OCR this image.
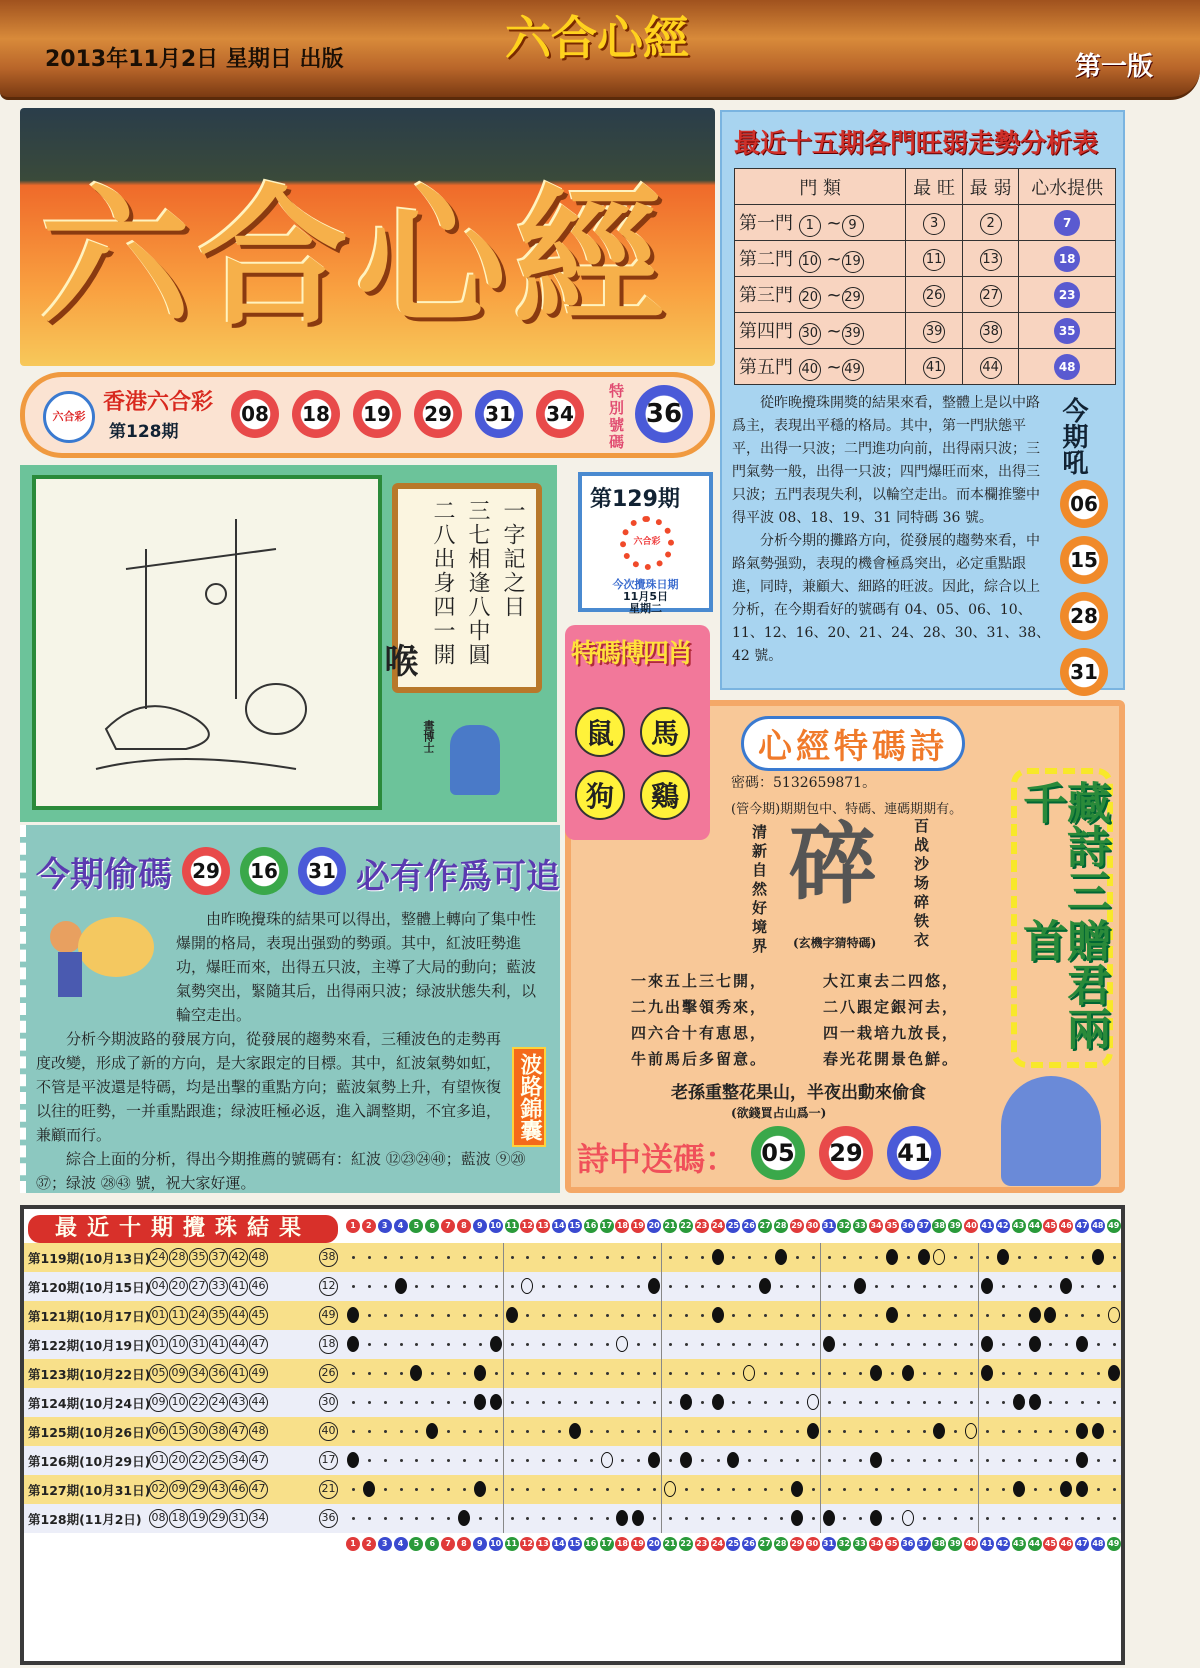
2013年11月2日 星期日 出版	六合心經
第一版
六合心經
六合彩
香港六合彩
第128期
08	18	19	29	31	34
特別號碼
36
一字記之日
三七相逢八中圓
二八出身四一開
喉
畫博士
第129期
六合彩
今次攪珠日期
11月5日
星期二
最近十五期各門旺弱走勢分析表
門 類	最 旺	最 弱	心水提供
第一門 1 ~ 9	3	2	7
第二門 10 ~ 19	11	13	18
第三門 20 ~ 29	26	27	23
第四門 30 ~ 39	39	38	35
第五門 40 ~ 49	41	44	48

從昨晚攪珠開獎的結果來看，整體上是以中路爲主，表現出平穩的格局。其中，第一門狀態平平，出得一只波；二門進功向前，出得兩只波；三門氣勢一般，出得一只波；四門爆旺而來，出得三只波；五門表現失利，以輪空走出。而本欄推鑒中得平波 08、18、19、31 同特碼 36 號。

分析今期的攤路方向，從發展的趨勢來看，中路氣勢强勁，表現的機會極爲突出，必定重點跟進，同時，兼顧大、細路的旺波。因此，綜合以上分析，在今期看好的號碼有 04、05、06、10、11、12、16、20、21、24、28、30、31、38、42 號。

今期吼
06
15
28
31
今期偷碼	29	16	31 必有作爲可追
波路錦囊

由昨晚攪珠的結果可以得出，整體上轉向了集中性爆開的格局，表現出强勁的勢頭。其中，紅波旺勢進功，爆旺而來，出得五只波，主導了大局的動向；藍波氣勢突出，緊隨其后，出得兩只波；绿波狀態失利，以輪空走出。

分析今期波路的發展方向，從發展的趨勢來看，三種波色的走勢再度改變，形成了新的方向，是大家跟定的目標。其中，紅波氣勢如虹，不管是平波還是特碼，均是出擊的重點方向；藍波氣勢上升，有望恢復以往的旺勢，一并重點跟進；绿波旺極必返，進入調整期，不宜多追，兼顧而行。

綜合上面的分析，得出今期推薦的號碼有：紅波 ⑫㉓㉔㊵；藍波 ⑨⑳㊲；绿波 ㉘㊸ 號，祝大家好運。

心經特碼詩
密碼：5132659871。
(管今期)期期包中、特碼、連碼期期有。
清新自然好境界 碎
(玄機字猜特碼) 百战沙场碎铁衣
一來五上三七開，
二九出擊領秀來，
四六合十有恵思，
牛前馬后多留意。
大江東去二四悠，
二八跟定銀河去，
四一栽培九放長，
春光花開景色鮮。
老孫重整花果山，半夜出動來偷食
(欲錢買占山爲一)
詩中送碼：	05	29	41
藏詩三千
贈君兩首
特碼博四肖
鼠	馬
狗	鷄
最近十期攪珠結果	1	2	3	4	5	6	7	8	9 10 11 12 13 14 15 16 17 18 19 20 21 22 23 24 25 26 27 28 29 30 31 32 33 34 35 36 37 38 39 40 41 42 43 44 45 46 47 48 49
第119期(10月13日) 24 28 35 37 42 48	38
第120期(10月15日) 04 20 27 33 41 46	12
第121期(10月17日) 01 11 24 35 44 45	49
第122期(10月19日) 01 10 31 41 44 47	18
第123期(10月22日) 05 09 34 36 41 49	26
第124期(10月24日) 09 10 22 24 43 44	30
第125期(10月26日) 06 15 30 38 47 48	40
第126期(10月29日) 01 20 22 25 34 47	17
第127期(10月31日) 02 09 29 43 46 47	21
第128期(11月2日) 08 18 19 29 31 34	36
1	2	3	4	5	6	7	8	9 10 11 12 13 14 15 16 17 18 19 20 21 22 23 24 25 26 27 28 29 30 31 32 33 34 35 36 37 38 39 40 41 42 43 44 45 46 47 48 49
